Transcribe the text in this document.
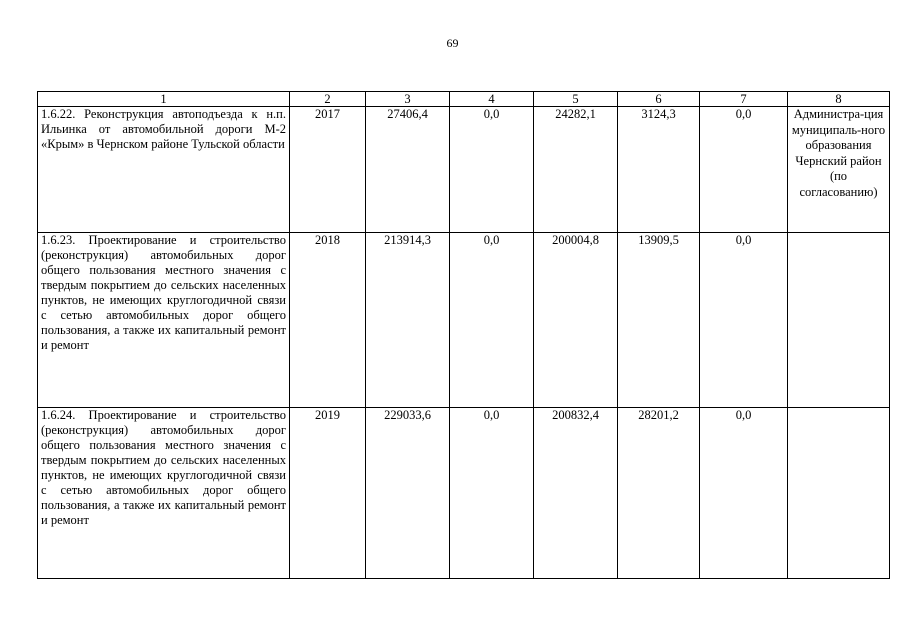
69
1	2	3	4	5	6	7	8
1.6.22. Реконструкция автоподъезда к н.п. Ильинка от автомобильной дороги М-2 «Крым» в Чернском районе Тульской области	2017	27406,4	0,0	24282,1	3124,3	0,0	Администра-ция муниципаль-ного образования Чернский район (по согласованию)
1.6.23. Проектирование и строительство (реконструкция) автомобильных дорог общего пользования местного значения с твердым покрытием до сельских населенных пунктов, не имеющих круглогодичной связи с сетью автомобильных дорог общего пользования, а также их капитальный ремонт и ремонт	2018	213914,3	0,0	200004,8	13909,5	0,0	
1.6.24. Проектирование и строительство (реконструкция) автомобильных дорог общего пользования местного значения с твердым покрытием до сельских населенных пунктов, не имеющих круглогодичной связи с сетью автомобильных дорог общего пользования, а также их капитальный ремонт и ремонт	2019	229033,6	0,0	200832,4	28201,2	0,0	
